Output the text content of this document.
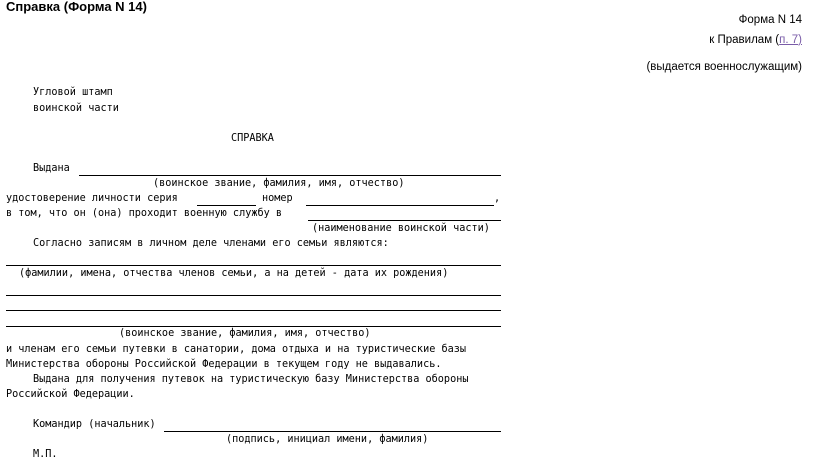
Справка (Форма N 14)
Форма N 14
к Правилам (п. 7)
(выдается военнослужащим)
Угловой штамп
воинской части
СПРАВКА
Выдана
(воинское звание, фамилия, имя, отчество)
удостоверение личности серия	номер	,
в том, что он (она) проходит военную службу в
(наименование воинской части)
Согласно записям в личном деле членами его семьи являются:
(фамилии, имена, отчества членов семьи, а на детей - дата их рождения)
(воинское звание, фамилия, имя, отчество)
и членам его семьи путевки в санатории, дома отдыха и на туристические базы
Министерства обороны Российской Федерации в текущем году не выдавались.
Выдана для получения путевок на туристическую базу Министерства обороны
Российской Федерации.
Командир (начальник)
(подпись, инициал имени, фамилия)
М.П.
